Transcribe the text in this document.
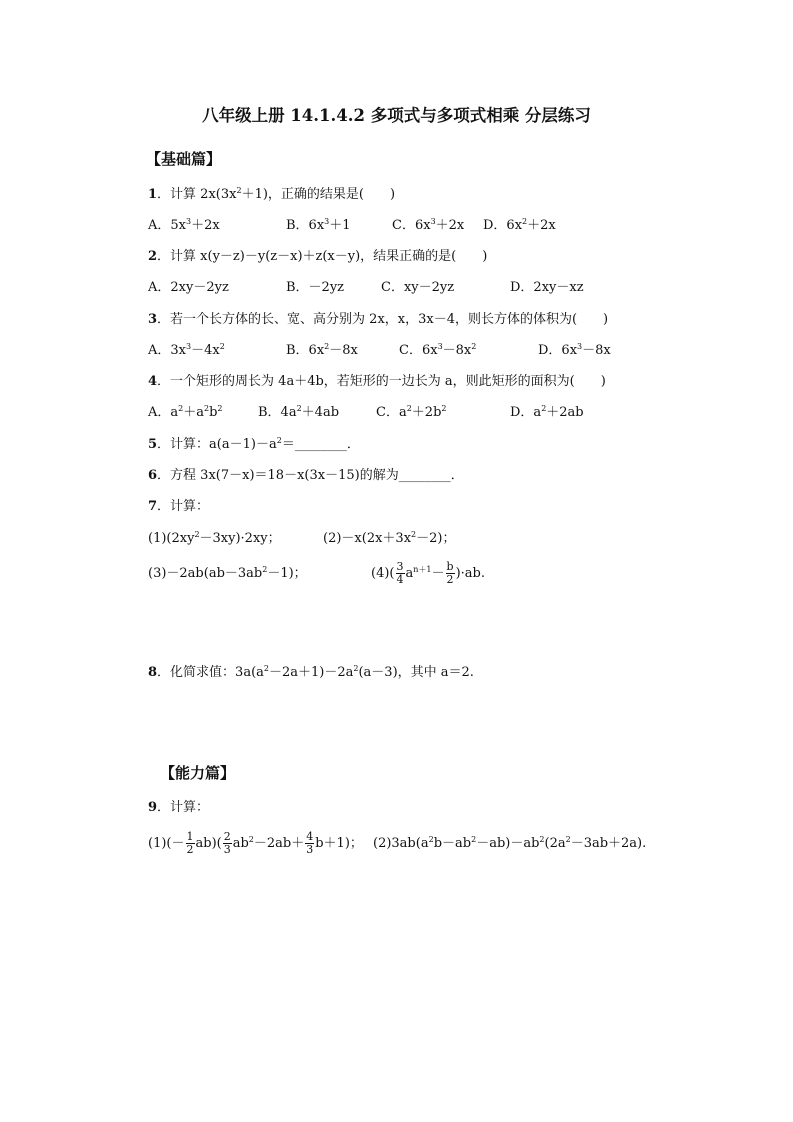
八年级上册 14.1.4.2 多项式与多项式相乘 分层练习
【基础篇】
1．计算 $2x(3x^2+1)$，正确的结果是(　　)
A．$5x^3+2x$	B．$6x^3+1$	C．$6x^3+2x$ D．$6x^2+2x$
2．计算 x(y－z)－y(z－x)＋z(x－y)，结果正确的是(　　)
A．2xy－2yz	B．－2yz	C．xy－2yz	D．2xy－xz
3．若一个长方体的长、宽、高分别为 2x，x，3x－4，则长方体的体积为(　　)
A．$3x^3-4x^2$	B．$6x^2-8x$	C．$6x^3-8x^2$	D．$6x^3-8x$
4．一个矩形的周长为 4a＋4b，若矩形的一边长为 a，则此矩形的面积为(　　)
A．$a^2+a^2b^2$	B．$4a^2+4ab$	C．$a^2+2b^2$	D．$a^2+2ab$
5．计算：$a(a-1)-a^2=\_\_\_\_\_\_\_\_$．
6．方程 3x(7－x)＝18－x(3x－15)的解为________．
7．计算：
$(1)(2xy^2-3xy)\cdot 2xy$；	$(2)-x(2x+3x^2-2)$；
$(3)-2ab(ab-3ab^2-1)$；	$(4)( \frac{3}{4} a^{n+1}- \frac{b}{2} )\cdot ab$.
8．化简求值：$3a(a^2-2a+1)-2a^2(a-3)$，其中 a＝2.
【能力篇】
9．计算：
$(1)(- \frac{1}{2} ab)( \frac{2}{3} ab^2-2ab+ \frac{4}{3} b+1)$； $(2)3ab(a^2b-ab^2-ab)-ab^2(2a^2-3ab+2a)$.
